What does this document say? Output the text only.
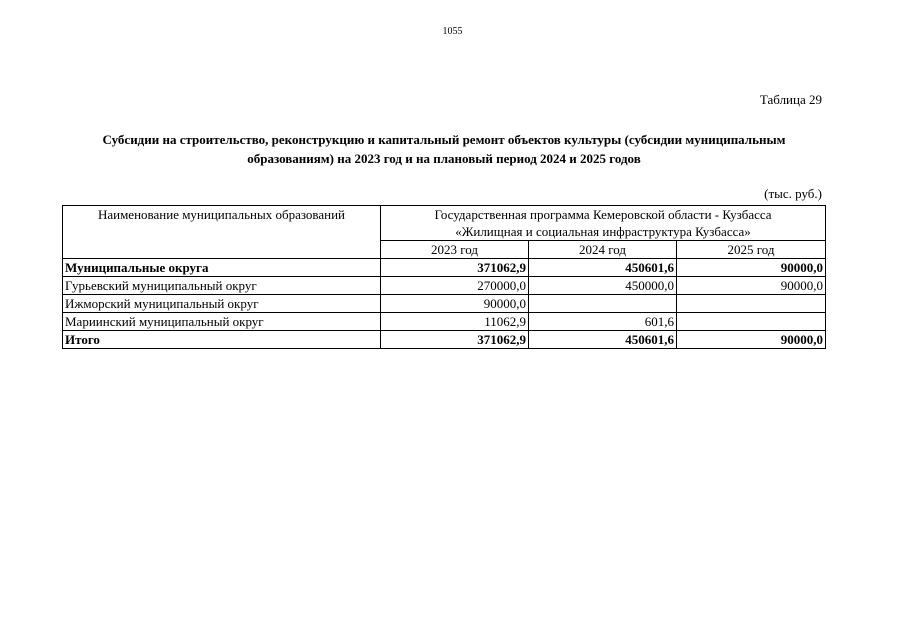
1055
Таблица 29
Субсидии на строительство, реконструкцию и капитальный ремонт объектов культуры (субсидии муниципальным
образованиям) на 2023 год и на плановый период 2024 и 2025 годов
(тыс. руб.)
Наименование муниципальных образований	Государственная программа Кемеровской области - Кузбасса
«Жилищная и социальная инфраструктура Кузбасса»		

	2023 год	2024 год	2025 год
Муниципальные округа	371062,9	450601,6	90000,0
Гурьевский муниципальный округ	270000,0	450000,0	90000,0
Ижморский муниципальный округ	90000,0		
Мариинский муниципальный округ	11062,9	601,6	
Итого	371062,9	450601,6	90000,0
